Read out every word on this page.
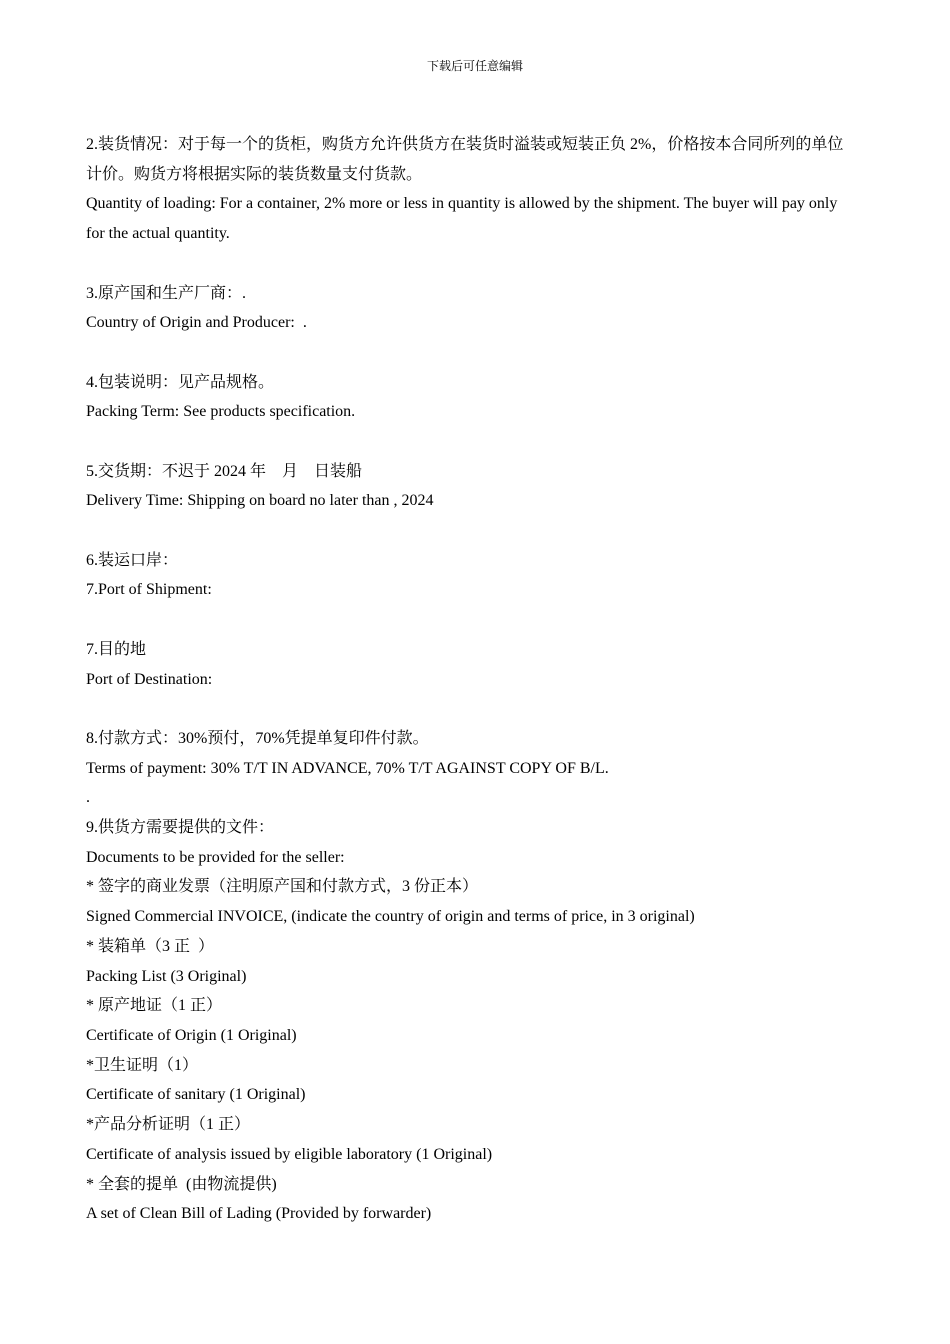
下载后可任意编辑

2.装货情况：对于每一个的货柜，购货方允许供货方在装货时溢装或短装正负 2%，价格按本合同所列的单位计价。购货方将根据实际的装货数量支付货款。

Quantity of loading: For a container, 2% more or less in quantity is allowed by the shipment. The buyer will pay only for the actual quantity.

3.原产国和生产厂商：.

Country of Origin and Producer:  .

4.包装说明：见产品规格。

Packing Term: See products specification.

5.交货期：不迟于 2024 年    月    日装船

Delivery Time: Shipping on board no later than , 2024

6.装运口岸：

7.Port of Shipment:

7.目的地

Port of Destination:

8.付款方式：30%预付，70%凭提单复印件付款。

Terms of payment: 30% T/T IN ADVANCE, 70% T/T AGAINST COPY OF B/L.

.

9.供货方需要提供的文件：

Documents to be provided for the seller:

* 签字的商业发票（注明原产国和付款方式，3 份正本）

Signed Commercial INVOICE, (indicate the country of origin and terms of price, in 3 original)

* 装箱单（3 正  ）

Packing List (3 Original)

* 原产地证（1 正）

Certificate of Origin (1 Original)

*卫生证明（1）

Certificate of sanitary (1 Original)

*产品分析证明（1 正）

Certificate of analysis issued by eligible laboratory (1 Original)

* 全套的提单  (由物流提供)

A set of Clean Bill of Lading (Provided by forwarder)
